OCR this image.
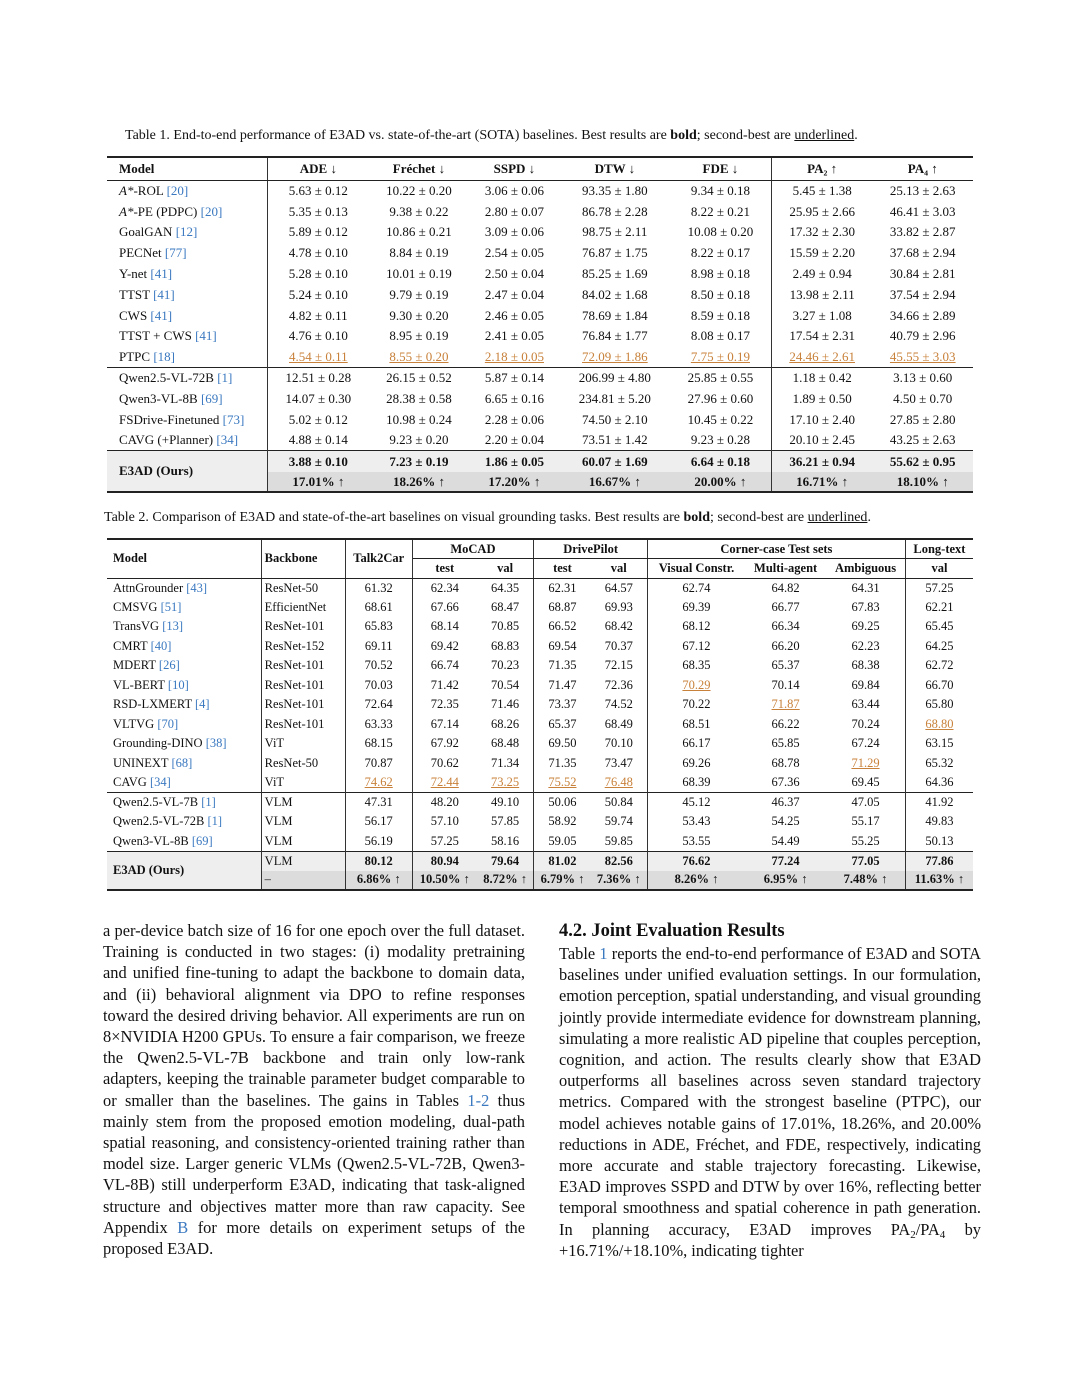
Table 1. End-to-end performance of E3AD vs. state-of-the-art (SOTA) baselines. Best results are bold; second-best are underlined.
Model	ADE ↓	Fréchet ↓	SSPD ↓	DTW ↓	FDE ↓	PA₂ ↑	PA₄ ↑
A*-ROL [20]	5.63 ± 0.12	10.22 ± 0.20	3.06 ± 0.06	93.35 ± 1.80	9.34 ± 0.18	5.45 ± 1.38	25.13 ± 2.63
A*-PE (PDPC) [20]	5.35 ± 0.13	9.38 ± 0.22	2.80 ± 0.07	86.78 ± 2.28	8.22 ± 0.21	25.95 ± 2.66	46.41 ± 3.03
GoalGAN [12]	5.89 ± 0.12	10.86 ± 0.21	3.09 ± 0.06	98.75 ± 2.11	10.08 ± 0.20	17.32 ± 2.30	33.82 ± 2.87
PECNet [77]	4.78 ± 0.10	8.84 ± 0.19	2.54 ± 0.05	76.87 ± 1.75	8.22 ± 0.17	15.59 ± 2.20	37.68 ± 2.94
Y-net [41]	5.28 ± 0.10	10.01 ± 0.19	2.50 ± 0.04	85.25 ± 1.69	8.98 ± 0.18	2.49 ± 0.94	30.84 ± 2.81
TTST [41]	5.24 ± 0.10	9.79 ± 0.19	2.47 ± 0.04	84.02 ± 1.68	8.50 ± 0.18	13.98 ± 2.11	37.54 ± 2.94
CWS [41]	4.82 ± 0.11	9.30 ± 0.20	2.46 ± 0.05	78.69 ± 1.84	8.59 ± 0.18	3.27 ± 1.08	34.66 ± 2.89
TTST + CWS [41]	4.76 ± 0.10	8.95 ± 0.19	2.41 ± 0.05	76.84 ± 1.77	8.08 ± 0.17	17.54 ± 2.31	40.79 ± 2.96
PTPC [18]	4.54 ± 0.11	8.55 ± 0.20	2.18 ± 0.05	72.09 ± 1.86	7.75 ± 0.19	24.46 ± 2.61	45.55 ± 3.03
Qwen2.5-VL-72B [1]	12.51 ± 0.28	26.15 ± 0.52	5.87 ± 0.14	206.99 ± 4.80	25.85 ± 0.55	1.18 ± 0.42	3.13 ± 0.60
Qwen3-VL-8B [69]	14.07 ± 0.30	28.38 ± 0.58	6.65 ± 0.16	234.81 ± 5.20	27.96 ± 0.60	1.89 ± 0.50	4.50 ± 0.70
FSDrive-Finetuned [73]	5.02 ± 0.12	10.98 ± 0.24	2.28 ± 0.06	74.50 ± 2.10	10.45 ± 0.22	17.10 ± 2.40	27.85 ± 2.80
CAVG (+Planner) [34]	4.88 ± 0.14	9.23 ± 0.20	2.20 ± 0.04	73.51 ± 1.42	9.23 ± 0.28	20.10 ± 2.45	43.25 ± 2.63
E3AD (Ours)	3.88 ± 0.10	7.23 ± 0.19	1.86 ± 0.05	60.07 ± 1.69	6.64 ± 0.18	36.21 ± 0.94	55.62 ± 0.95
	17.01% ↑	18.26% ↑	17.20% ↑	16.67% ↑	20.00% ↑	16.71% ↑	18.10% ↑
Table 2. Comparison of E3AD and state-of-the-art baselines on visual grounding tasks. Best results are bold; second-best are underlined.
Model	Backbone	Talk2Car	MoCAD		DrivePilot		Corner-case Test sets			Long-text
			test	val	test	val	Visual Constr.	Multi-agent	Ambiguous	val
AttnGrounder [43]	ResNet-50	61.32	62.34	64.35	62.31	64.57	62.74	64.82	64.31	57.25
CMSVG [51]	EfficientNet	68.61	67.66	68.47	68.87	69.93	69.39	66.77	67.83	62.21
TransVG [13]	ResNet-101	65.83	68.14	70.85	66.52	68.42	68.12	66.34	69.25	65.45
CMRT [40]	ResNet-152	69.11	69.42	68.83	69.54	70.37	67.12	66.20	62.23	64.25
MDERT [26]	ResNet-101	70.52	66.74	70.23	71.35	72.15	68.35	65.37	68.38	62.72
VL-BERT [10]	ResNet-101	70.03	71.42	70.54	71.47	72.36	70.29	70.14	69.84	66.70
RSD-LXMERT [4]	ResNet-101	72.64	72.35	71.46	73.37	74.52	70.22	71.87	63.44	65.80
VLTVG [70]	ResNet-101	63.33	67.14	68.26	65.37	68.49	68.51	66.22	70.24	68.80
Grounding-DINO [38]	ViT	68.15	67.92	68.48	69.50	70.10	66.17	65.85	67.24	63.15
UNINEXT [68]	ResNet-50	70.87	70.62	71.34	71.35	73.47	69.26	68.78	71.29	65.32
CAVG [34]	ViT	74.62	72.44	73.25	75.52	76.48	68.39	67.36	69.45	64.36
Qwen2.5-VL-7B [1]	VLM	47.31	48.20	49.10	50.06	50.84	45.12	46.37	47.05	41.92
Qwen2.5-VL-72B [1]	VLM	56.17	57.10	57.85	58.92	59.74	53.43	54.25	55.17	49.83
Qwen3-VL-8B [69]	VLM	56.19	57.25	58.16	59.05	59.85	53.55	54.49	55.25	50.13
E3AD (Ours)	VLM	80.12	80.94	79.64	81.02	82.56	76.62	77.24	77.05	77.86
	–	6.86% ↑	10.50% ↑	8.72% ↑	6.79% ↑	7.36% ↑	8.26% ↑	6.95% ↑	7.48% ↑	11.63% ↑

a per-device batch size of 16 for one epoch over the full dataset. Training is conducted in two stages: (i) modality pretraining and unified fine-tuning to adapt the backbone to domain data, and (ii) behavioral alignment via DPO to refine responses toward the desired driving behavior. All experiments are run on 8×NVIDIA H200 GPUs. To ensure a fair comparison, we freeze the Qwen2.5-VL-7B backbone and train only low-rank adapters, keeping the trainable parameter budget comparable to or smaller than the baselines. The gains in Tables 1-2 thus mainly stem from the proposed emotion modeling, dual-path spatial reasoning, and consistency-oriented training rather than model size. Larger generic VLMs (Qwen2.5-VL-72B, Qwen3-VL-8B) still underperform E3AD, indicating that task-aligned structure and objectives matter more than raw capacity. See Appendix B for more details on experiment setups of the proposed E3AD.

4.2. Joint Evaluation Results

Table 1 reports the end-to-end performance of E3AD and SOTA baselines under unified evaluation settings. In our formulation, emotion perception, spatial understanding, and visual grounding jointly provide intermediate evidence for downstream planning, simulating a more realistic AD pipeline that couples perception, cognition, and action. The results clearly show that E3AD outperforms all baselines across seven standard trajectory metrics. Compared with the strongest baseline (PTPC), our model achieves notable gains of 17.01%, 18.26%, and 20.00% reductions in ADE, Fréchet, and FDE, respectively, indicating more accurate and stable trajectory forecasting. Likewise, E3AD improves SSPD and DTW by over 16%, reflecting better temporal smoothness and spatial coherence in path generation. In planning accuracy, E3AD improves $PA_2/PA_4$ by +16.71%/+18.10%, indicating tighter
